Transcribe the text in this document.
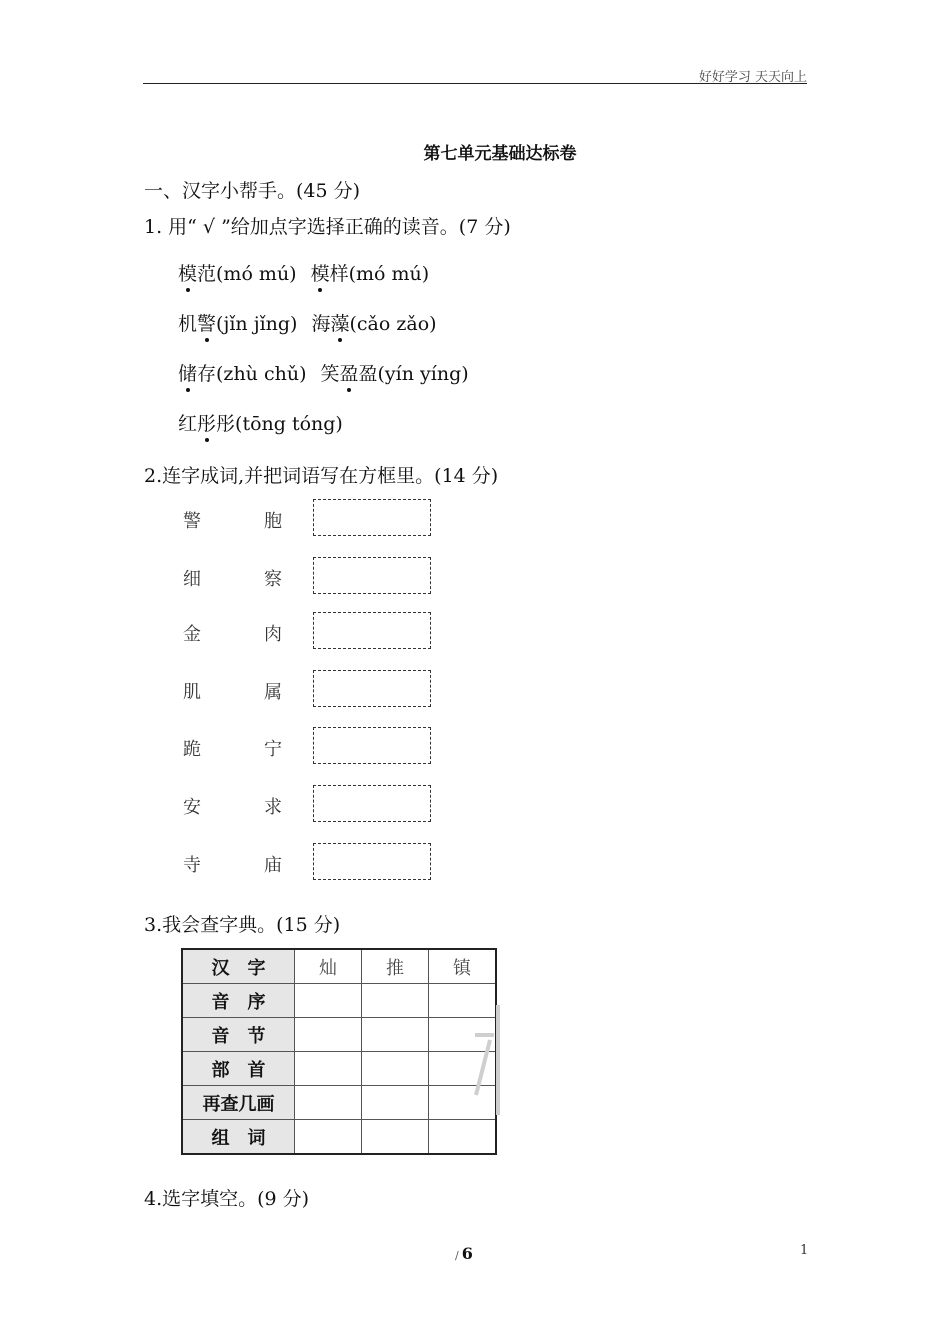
好好学习 天天向上
第七单元基础达标卷
一、汉字小帮手。(45 分)
1. 用“ √ ”给加点字选择正确的读音。(7 分)
模范(mó mú) 模样(mó mú)
机警(jǐn jǐng) 海藻(cǎo zǎo)
储存(zhù chǔ) 笑盈盈(yín yíng)
红彤彤(tōng tóng)
2.连字成词,并把词语写在方框里。(14 分)
警	胞
细	察
金	肉
肌	属
跪	宁
安	求
寺	庙
3.我会查字典。(15 分)
汉　字	灿	推	镇
音　序			
音　节			
部　首			
再查几画			
组　词			
4.选字填空。(9 分)
/ 6	1
